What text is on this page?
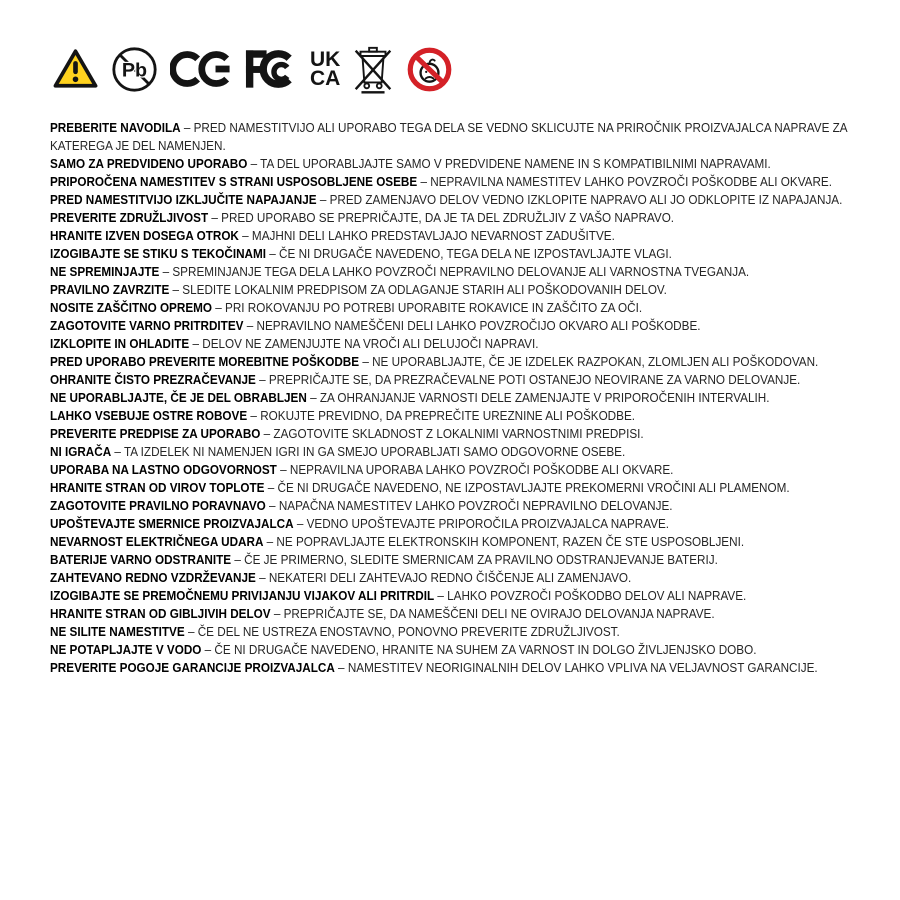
Pb	UK
CA

PREBERITE NAVODILA – PRED NAMESTITVIJO ALI UPORABO TEGA DELA SE VEDNO SKLICUJTE NA PRIROČNIK PROIZVAJALCA NAPRAVE ZA KATEREGA JE DEL NAMENJEN.

SAMO ZA PREDVIDENO UPORABO – TA DEL UPORABLJAJTE SAMO V PREDVIDENE NAMENE IN S KOMPATIBILNIMI NAPRAVAMI.

PRIPOROČENA NAMESTITEV S STRANI USPOSOBLJENE OSEBE – NEPRAVILNA NAMESTITEV LAHKO POVZROČI POŠKODBE ALI OKVARE.

PRED NAMESTITVIJO IZKLJUČITE NAPAJANJE – PRED ZAMENJAVO DELOV VEDNO IZKLOPITE NAPRAVO ALI JO ODKLOPITE IZ NAPAJANJA.

PREVERITE ZDRUŽLJIVOST – PRED UPORABO SE PREPRIČAJTE, DA JE TA DEL ZDRUŽLJIV Z VAŠO NAPRAVO.

HRANITE IZVEN DOSEGA OTROK – MAJHNI DELI LAHKO PREDSTAVLJAJO NEVARNOST ZADUŠITVE.

IZOGIBAJTE SE STIKU S TEKOČINAMI – ČE NI DRUGAČE NAVEDENO, TEGA DELA NE IZPOSTAVLJAJTE VLAGI.

NE SPREMINJAJTE – SPREMINJANJE TEGA DELA LAHKO POVZROČI NEPRAVILNO DELOVANJE ALI VARNOSTNA TVEGANJA.

PRAVILNO ZAVRZITE – SLEDITE LOKALNIM PREDPISOM ZA ODLAGANJE STARIH ALI POŠKODOVANIH DELOV.

NOSITE ZAŠČITNO OPREMO – PRI ROKOVANJU PO POTREBI UPORABITE ROKAVICE IN ZAŠČITO ZA OČI.

ZAGOTOVITE VARNO PRITRDITEV – NEPRAVILNO NAMEŠČENI DELI LAHKO POVZROČIJO OKVARO ALI POŠKODBE.

IZKLOPITE IN OHLADITE – DELOV NE ZAMENJUJTE NA VROČI ALI DELUJOČI NAPRAVI.

PRED UPORABO PREVERITE MOREBITNE POŠKODBE – NE UPORABLJAJTE, ČE JE IZDELEK RAZPOKAN, ZLOMLJEN ALI POŠKODOVAN.

OHRANITE ČISTO PREZRAČEVANJE – PREPRIČAJTE SE, DA PREZRAČEVALNE POTI OSTANEJO NEOVIRANE ZA VARNO DELOVANJE.

NE UPORABLJAJTE, ČE JE DEL OBRABLJEN – ZA OHRANJANJE VARNOSTI DELE ZAMENJAJTE V PRIPOROČENIH INTERVALIH.

LAHKO VSEBUJE OSTRE ROBOVE – ROKUJTE PREVIDNO, DA PREPREČITE UREZNINE ALI POŠKODBE.

PREVERITE PREDPISE ZA UPORABO – ZAGOTOVITE SKLADNOST Z LOKALNIMI VARNOSTNIMI PREDPISI.

NI IGRAČA – TA IZDELEK NI NAMENJEN IGRI IN GA SMEJO UPORABLJATI SAMO ODGOVORNE OSEBE.

UPORABA NA LASTNO ODGOVORNOST – NEPRAVILNA UPORABA LAHKO POVZROČI POŠKODBE ALI OKVARE.

HRANITE STRAN OD VIROV TOPLOTE – ČE NI DRUGAČE NAVEDENO, NE IZPOSTAVLJAJTE PREKOMERNI VROČINI ALI PLAMENOM.

ZAGOTOVITE PRAVILNO PORAVNAVO – NAPAČNA NAMESTITEV LAHKO POVZROČI NEPRAVILNO DELOVANJE.

UPOŠTEVAJTE SMERNICE PROIZVAJALCA – VEDNO UPOŠTEVAJTE PRIPOROČILA PROIZVAJALCA NAPRAVE.

NEVARNOST ELEKTRIČNEGA UDARA – NE POPRAVLJAJTE ELEKTRONSKIH KOMPONENT, RAZEN ČE STE USPOSOBLJENI.

BATERIJE VARNO ODSTRANITE – ČE JE PRIMERNO, SLEDITE SMERNICAM ZA PRAVILNO ODSTRANJEVANJE BATERIJ.

ZAHTEVANO REDNO VZDRŽEVANJE – NEKATERI DELI ZAHTEVAJO REDNO ČIŠČENJE ALI ZAMENJAVO.

IZOGIBAJTE SE PREMOČNEMU PRIVIJANJU VIJAKOV ALI PRITRDIL – LAHKO POVZROČI POŠKODBO DELOV ALI NAPRAVE.

HRANITE STRAN OD GIBLJIVIH DELOV – PREPRIČAJTE SE, DA NAMEŠČENI DELI NE OVIRAJO DELOVANJA NAPRAVE.

NE SILITE NAMESTITVE – ČE DEL NE USTREZA ENOSTAVNO, PONOVNO PREVERITE ZDRUŽLJIVOST.

NE POTAPLJAJTE V VODO – ČE NI DRUGAČE NAVEDENO, HRANITE NA SUHEM ZA VARNOST IN DOLGO ŽIVLJENJSKO DOBO.

PREVERITE POGOJE GARANCIJE PROIZVAJALCA – NAMESTITEV NEORIGINALNIH DELOV LAHKO VPLIVA NA VELJAVNOST GARANCIJE.
